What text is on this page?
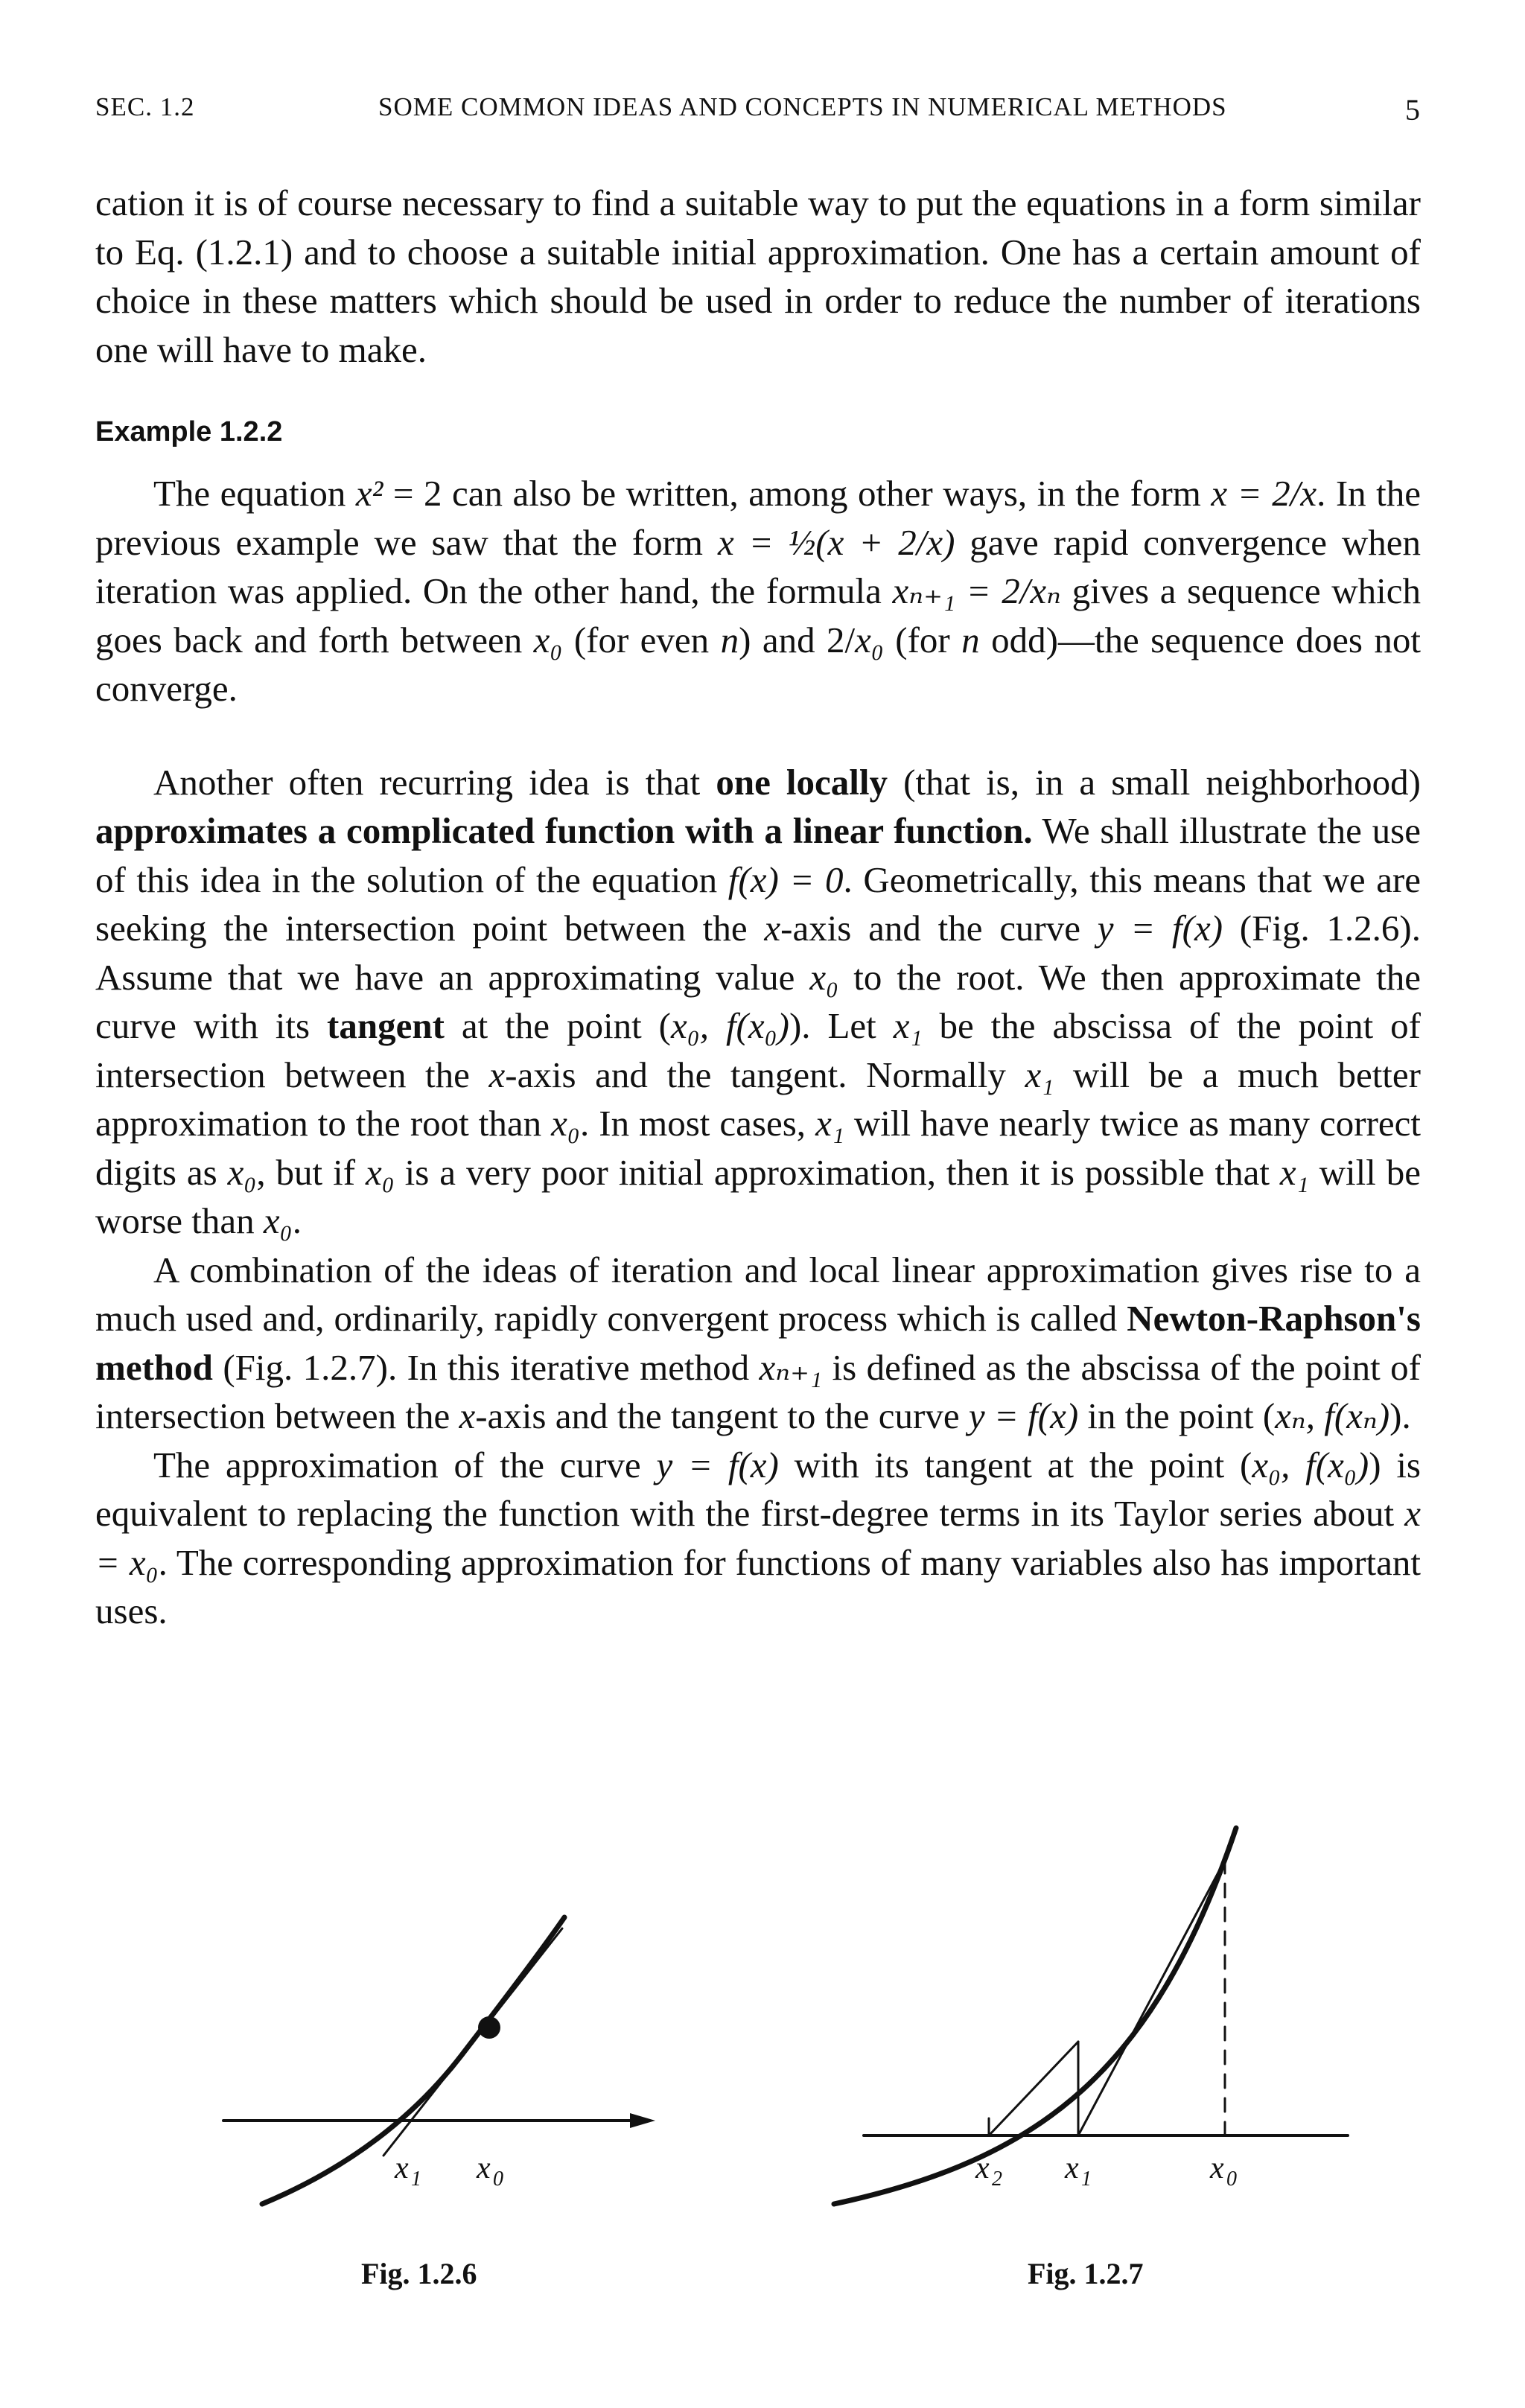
SEC. 1.2	SOME COMMON IDEAS AND CONCEPTS IN NUMERICAL METHODS	5

cation it is of course necessary to find a suitable way to put the equations in a form similar to Eq. (1.2.1) and to choose a suitable initial approximation. One has a certain amount of choice in these matters which should be used in order to reduce the number of iterations one will have to make.

Example 1.2.2

The equation x² = 2 can also be written, among other ways, in the form x = 2/x. In the previous example we saw that the form x = ½(x + 2/x) gave rapid convergence when iteration was applied. On the other hand, the formula xₙ₊₁ = 2/xₙ gives a sequence which goes back and forth between x₀ (for even n) and 2/x₀ (for n odd)—the sequence does not converge.

Another often recurring idea is that one locally (that is, in a small neighborhood) approximates a complicated function with a linear function. We shall illustrate the use of this idea in the solution of the equation f(x) = 0. Geometrically, this means that we are seeking the intersection point between the x-axis and the curve y = f(x) (Fig. 1.2.6). Assume that we have an approximating value x₀ to the root. We then approximate the curve with its tangent at the point (x₀, f(x₀)). Let x₁ be the abscissa of the point of intersection between the x-axis and the tangent. Normally x₁ will be a much better approximation to the root than x₀. In most cases, x₁ will have nearly twice as many correct digits as x₀, but if x₀ is a very poor initial approximation, then it is possible that x₁ will be worse than x₀.

A combination of the ideas of iteration and local linear approximation gives rise to a much used and, ordinarily, rapidly convergent process which is called Newton-Raphson's method (Fig. 1.2.7). In this iterative method xₙ₊₁ is defined as the abscissa of the point of intersection between the x-axis and the tangent to the curve y = f(x) in the point (xₙ, f(xₙ)).

The approximation of the curve y = f(x) with its tangent at the point (x₀, f(x₀)) is equivalent to replacing the function with the first-degree terms in its Taylor series about x = x₀. The corresponding approximation for functions of many variables also has important uses.

x 1 x 0	x 2 x 1	x 0
Fig. 1.2.6	Fig. 1.2.7
